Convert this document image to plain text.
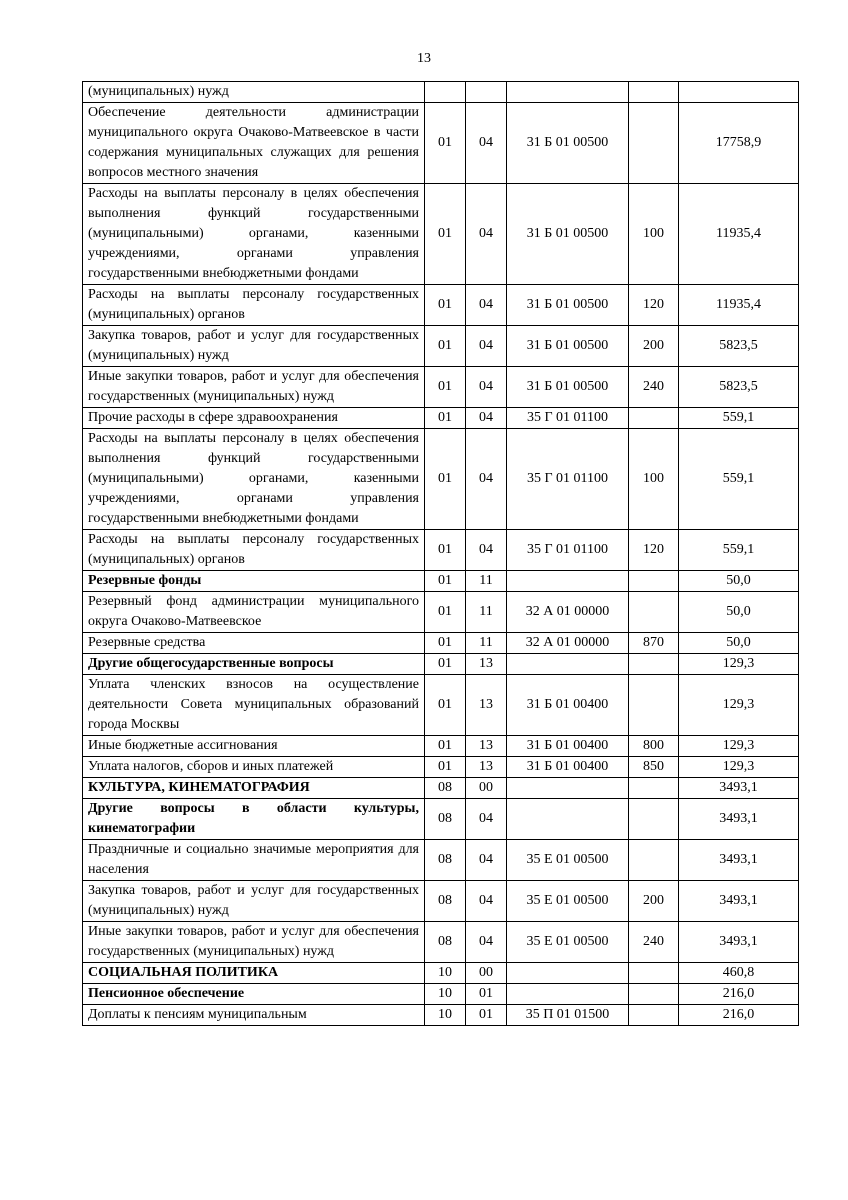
13
(муниципальных) нужд					
Обеспечение деятельности администрации муниципального округа Очаково-Матвеевское в части содержания муниципальных служащих для решения вопросов местного значения	01	04	31 Б 01 00500		17758,9
Расходы на выплаты персоналу в целях обеспечения выполнения функций государственными (муниципальными) органами, казенными учреждениями, органами управления государственными внебюджетными фондами	01	04	31 Б 01 00500	100	11935,4
Расходы на выплаты персоналу государственных (муниципальных) органов	01	04	31 Б 01 00500	120	11935,4
Закупка товаров, работ и услуг для государственных (муниципальных) нужд	01	04	31 Б 01 00500	200	5823,5
Иные закупки товаров, работ и услуг для обеспечения государственных (муниципальных) нужд	01	04	31 Б 01 00500	240	5823,5
Прочие расходы в сфере здравоохранения	01	04	35 Г 01 01100		559,1
Расходы на выплаты персоналу в целях обеспечения выполнения функций государственными (муниципальными) органами, казенными учреждениями, органами управления государственными внебюджетными фондами	01	04	35 Г 01 01100	100	559,1
Расходы на выплаты персоналу государственных (муниципальных) органов	01	04	35 Г 01 01100	120	559,1
Резервные фонды	01	11			50,0
Резервный фонд администрации муниципального округа Очаково-Матвеевское	01	11	32 А 01 00000		50,0
Резервные средства	01	11	32 А 01 00000	870	50,0
Другие общегосударственные вопросы	01	13			129,3
Уплата членских взносов на осуществление деятельности Совета муниципальных образований города Москвы	01	13	31 Б 01 00400		129,3
Иные бюджетные ассигнования	01	13	31 Б 01 00400	800	129,3
Уплата налогов, сборов и иных платежей	01	13	31 Б 01 00400	850	129,3
КУЛЬТУРА, КИНЕМАТОГРАФИЯ	08	00			3493,1
Другие вопросы в области культуры, кинематографии	08	04			3493,1
Праздничные и социально значимые мероприятия для населения	08	04	35 Е 01 00500		3493,1
Закупка товаров, работ и услуг для государственных (муниципальных) нужд	08	04	35 Е 01 00500	200	3493,1
Иные закупки товаров, работ и услуг для обеспечения государственных (муниципальных) нужд	08	04	35 Е 01 00500	240	3493,1
СОЦИАЛЬНАЯ ПОЛИТИКА	10	00			460,8
Пенсионное обеспечение	10	01			216,0
Доплаты к пенсиям муниципальным	10	01	35 П 01 01500		216,0
